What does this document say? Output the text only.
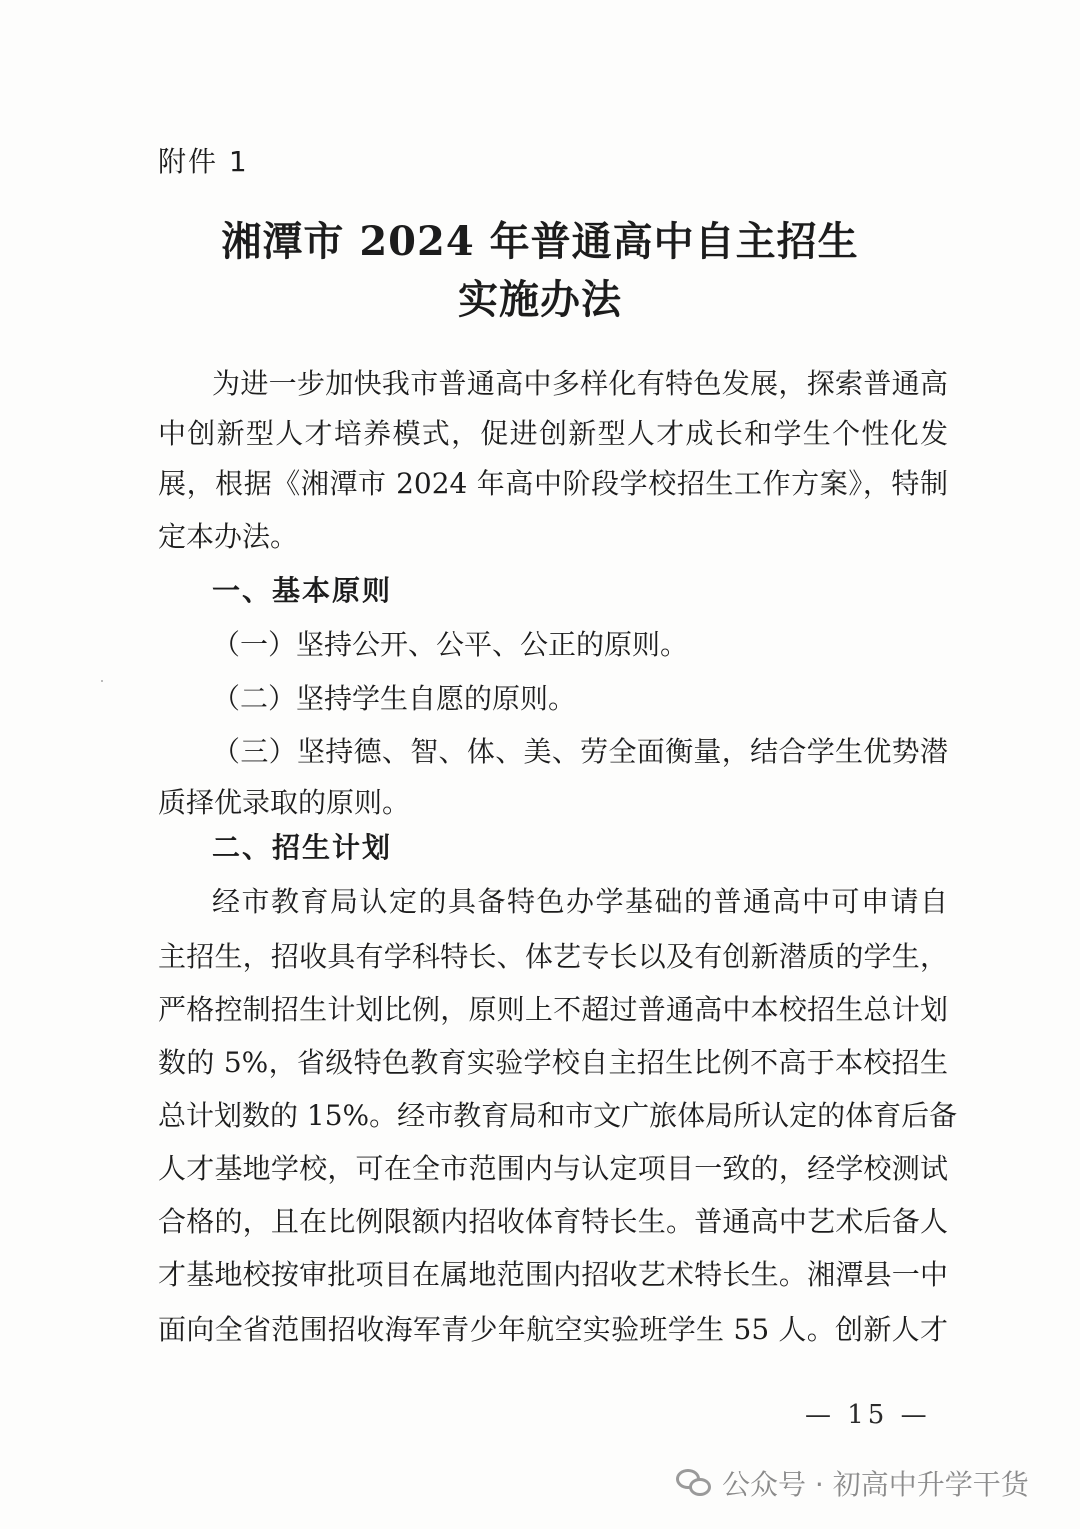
附件 1
湘潭市 2024 年普通高中自主招生
实施办法
为进一步加快我市普通高中多样化有特色发展，探索普通高
中创新型人才培养模式，促进创新型人才成长和学生个性化发
展，根据《湘潭市 2024 年高中阶段学校招生工作方案》，特制
定本办法。
一、基本原则
（一）坚持公开、公平、公正的原则。
（二）坚持学生自愿的原则。
（三）坚持德、智、体、美、劳全面衡量，结合学生优势潜
质择优录取的原则。
二、招生计划
经市教育局认定的具备特色办学基础的普通高中可申请自
主招生，招收具有学科特长、体艺专长以及有创新潜质的学生，
严格控制招生计划比例，原则上不超过普通高中本校招生总计划
数的 5%，省级特色教育实验学校自主招生比例不高于本校招生
总计划数的 15%。经市教育局和市文广旅体局所认定的体育后备
人才基地学校，可在全市范围内与认定项目一致的，经学校测试
合格的，且在比例限额内招收体育特长生。普通高中艺术后备人
才基地校按审批项目在属地范围内招收艺术特长生。湘潭县一中
面向全省范围招收海军青少年航空实验班学生 55 人。创新人才
— 15 —
公众号 · 初高中升学干货
